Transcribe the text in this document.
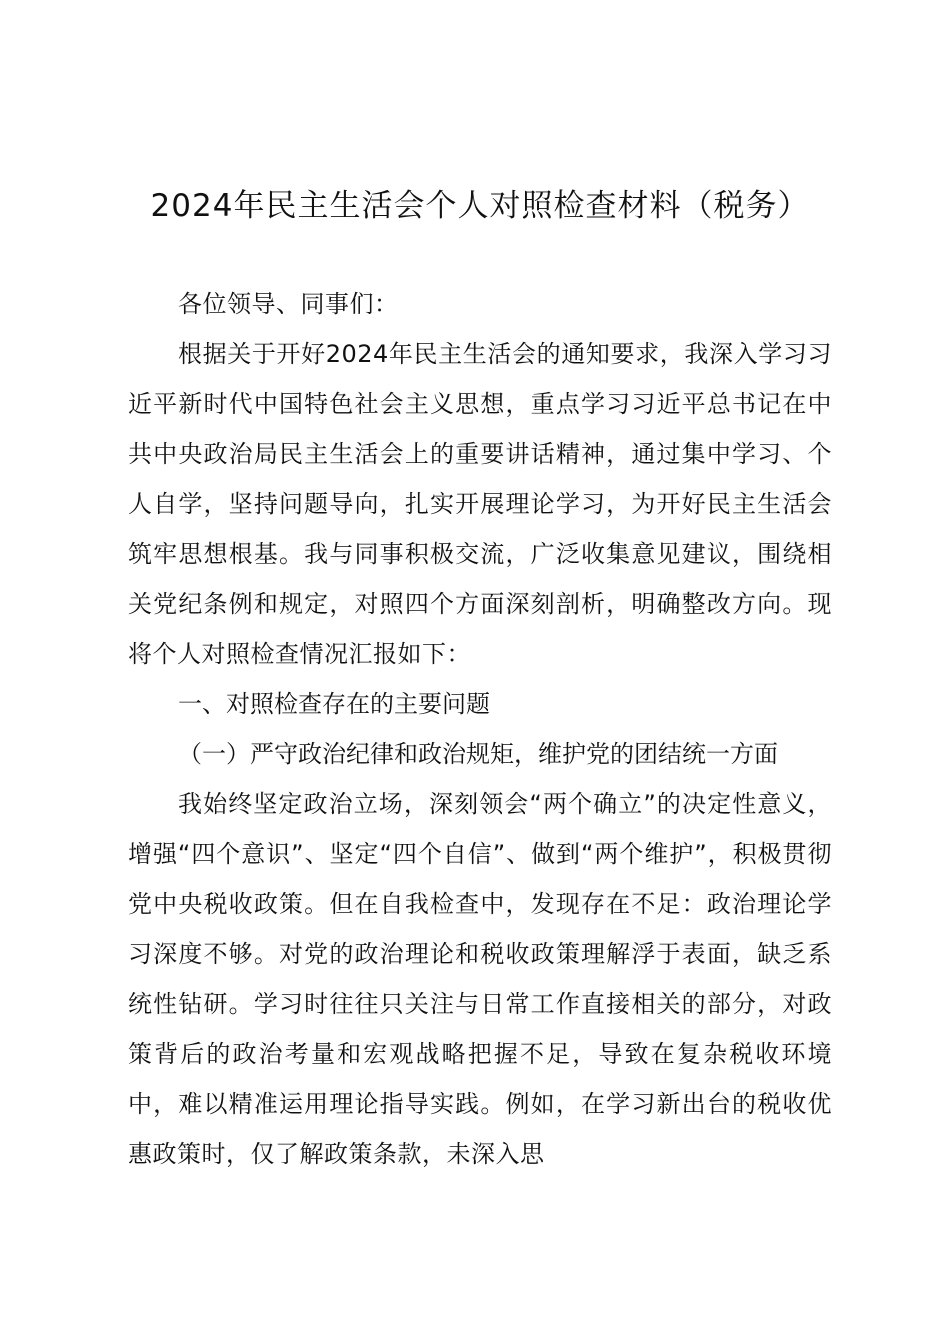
2024年民主生活会个人对照检查材料（税务）

各位领导、同事们：

根据关于开好2024年民主生活会的通知要求，我深入学习习近平新时代中国特色社会主义思想，重点学习习近平总书记在中共中央政治局民主生活会上的重要讲话精神，通过集中学习、个人自学，坚持问题导向，扎实开展理论学习，为开好民主生活会筑牢思想根基。我与同事积极交流，广泛收集意见建议，围绕相关党纪条例和规定，对照四个方面深刻剖析，明确整改方向。现将个人对照检查情况汇报如下：

一、对照检查存在的主要问题

（一）严守政治纪律和政治规矩，维护党的团结统一方面

我始终坚定政治立场，深刻领会“两个确立”的决定性意义，增强“四个意识”、坚定“四个自信”、做到“两个维护”，积极贯彻党中央税收政策。但在自我检查中，发现存在不足：政治理论学习深度不够。对党的政治理论和税收政策理解浮于表面，缺乏系统性钻研。学习时往往只关注与日常工作直接相关的部分，对政策背后的政治考量和宏观战略把握不足，导致在复杂税收环境中，难以精准运用理论指导实践。例如，在学习新出台的税收优惠政策时，仅了解政策条款，未深入思
